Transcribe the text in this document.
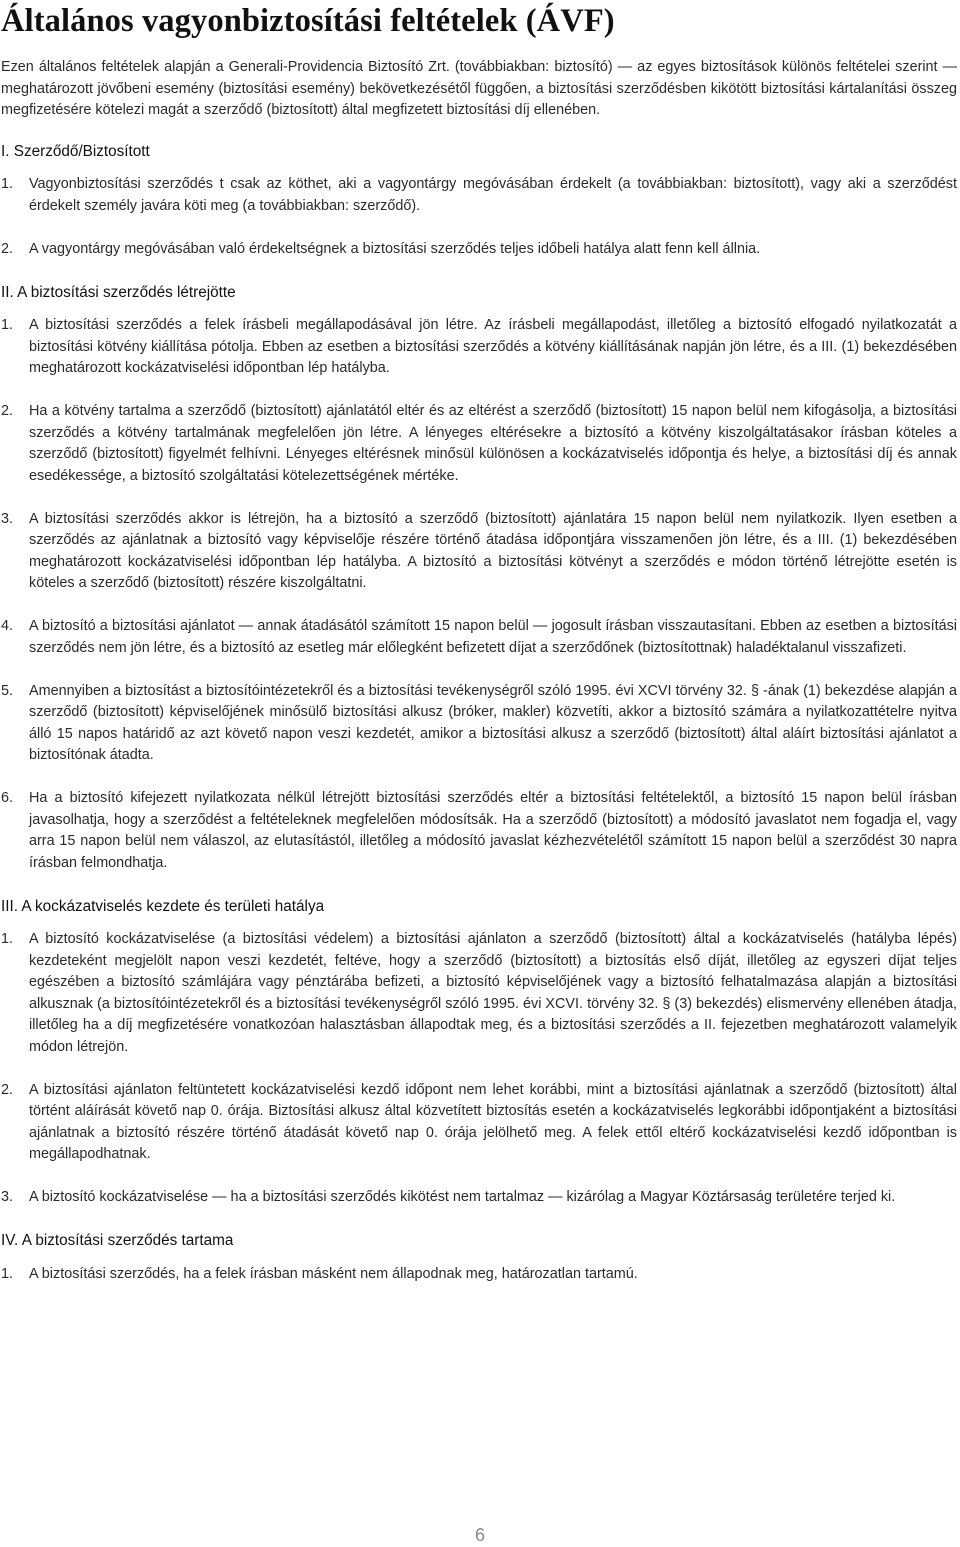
Általános vagyonbiztosítási feltételek (ÁVF)

Ezen általános feltételek alapján a Generali-Providencia Biztosító Zrt. (továbbiakban: biztosító) — az egyes biztosítások különös feltételei szerint — meghatározott jövőbeni esemény (biztosítási esemény) bekövetkezésétől függően, a biztosítási szerződésben kikötött biztosítási kártalanítási összeg megfizetésére kötelezi magát a szerződő (biztosított) által megfizetett biztosítási díj ellenében.

I. Szerződő/Biztosított

1. Vagyonbiztosítási szerződés t csak az köthet, aki a vagyontárgy megóvásában érdekelt (a továbbiakban: biztosított), vagy aki a szerződést érdekelt személy javára köti meg (a továbbiakban: szerződő).

2. A vagyontárgy megóvásában való érdekeltségnek a biztosítási szerződés teljes időbeli hatálya alatt fenn kell állnia.

II. A biztosítási szerződés létrejötte

1. A biztosítási szerződés a felek írásbeli megállapodásával jön létre. Az írásbeli megállapodást, illetőleg a biztosító elfogadó nyilatkozatát a biztosítási kötvény kiállítása pótolja. Ebben az esetben a biztosítási szerződés a kötvény kiállításának napján jön létre, és a III. (1) bekezdésében meghatározott kockázatviselési időpontban lép hatályba.

2. Ha a kötvény tartalma a szerződő (biztosított) ajánlatától eltér és az eltérést a szerződő (biztosított) 15 napon belül nem kifogásolja, a biztosítási szerződés a kötvény tartalmának megfelelően jön létre. A lényeges eltérésekre a biztosító a kötvény kiszolgáltatásakor írásban köteles a szerződő (biztosított) figyelmét felhívni. Lényeges eltérésnek minősül különösen a kockázatviselés időpontja és helye, a biztosítási díj és annak esedékessége, a biztosító szolgáltatási kötelezettségének mértéke.

3. A biztosítási szerződés akkor is létrejön, ha a biztosító a szerződő (biztosított) ajánlatára 15 napon belül nem nyilatkozik. Ilyen esetben a szerződés az ajánlatnak a biztosító vagy képviselője részére történő átadása időpontjára visszamenően jön létre, és a III. (1) bekezdésében meghatározott kockázatviselési időpontban lép hatályba. A biztosító a biztosítási kötvényt a szerződés e módon történő létrejötte esetén is köteles a szerződő (biztosított) részére kiszolgáltatni.

4. A biztosító a biztosítási ajánlatot — annak átadásától számított 15 napon belül — jogosult írásban visszautasítani. Ebben az esetben a biztosítási szerződés nem jön létre, és a biztosító az esetleg már előlegként befizetett díjat a szerződőnek (biztosítottnak) haladéktalanul visszafizeti.

5. Amennyiben a biztosítást a biztosítóintézetekről és a biztosítási tevékenységről szóló 1995. évi XCVI törvény 32. § -ának (1) bekezdése alapján a szerződő (biztosított) képviselőjének minősülő biztosítási alkusz (bróker, makler) közvetíti, akkor a biztosító számára a nyilatkozattételre nyitva álló 15 napos határidő az azt követő napon veszi kezdetét, amikor a biztosítási alkusz a szerződő (biztosított) által aláírt biztosítási ajánlatot a biztosítónak átadta.

6. Ha a biztosító kifejezett nyilatkozata nélkül létrejött biztosítási szerződés eltér a biztosítási feltételektől, a biztosító 15 napon belül írásban javasolhatja, hogy a szerződést a feltételeknek megfelelően módosítsák. Ha a szerződő (biztosított) a módosító javaslatot nem fogadja el, vagy arra 15 napon belül nem válaszol, az elutasítástól, illetőleg a módosító javaslat kézhezvételétől számított 15 napon belül a szerződést 30 napra írásban felmondhatja.

III. A kockázatviselés kezdete és területi hatálya

1. A biztosító kockázatviselése (a biztosítási védelem) a biztosítási ajánlaton a szerződő (biztosított) által a kockázatviselés (hatályba lépés) kezdeteként megjelölt napon veszi kezdetét, feltéve, hogy a szerződő (biztosított) a biztosítás első díját, illetőleg az egyszeri díjat teljes egészében a biztosító számlájára vagy pénztárába befizeti, a biztosító képviselőjének vagy a biztosító felhatalmazása alapján a biztosítási alkusznak (a biztosítóintézetekről és a biztosítási tevékenységről szóló 1995. évi XCVI. törvény 32. § (3) bekezdés) elismervény ellenében átadja, illetőleg ha a díj megfizetésére vonatkozóan halasztásban állapodtak meg, és a biztosítási szerződés a II. fejezetben meghatározott valamelyik módon létrejön.

2. A biztosítási ajánlaton feltüntetett kockázatviselési kezdő időpont nem lehet korábbi, mint a biztosítási ajánlatnak a szerződő (biztosított) által történt aláírását követő nap 0. órája. Biztosítási alkusz által közvetített biztosítás esetén a kockázatviselés legkorábbi időpontjaként a biztosítási ajánlatnak a biztosító részére történő átadását követő nap 0. órája jelölhető meg. A felek ettől eltérő kockázatviselési kezdő időpontban is megállapodhatnak.

3. A biztosító kockázatviselése — ha a biztosítási szerződés kikötést nem tartalmaz — kizárólag a Magyar Köztársaság területére terjed ki.

IV. A biztosítási szerződés tartama

1. A biztosítási szerződés, ha a felek írásban másként nem állapodnak meg, határozatlan tartamú.

6
